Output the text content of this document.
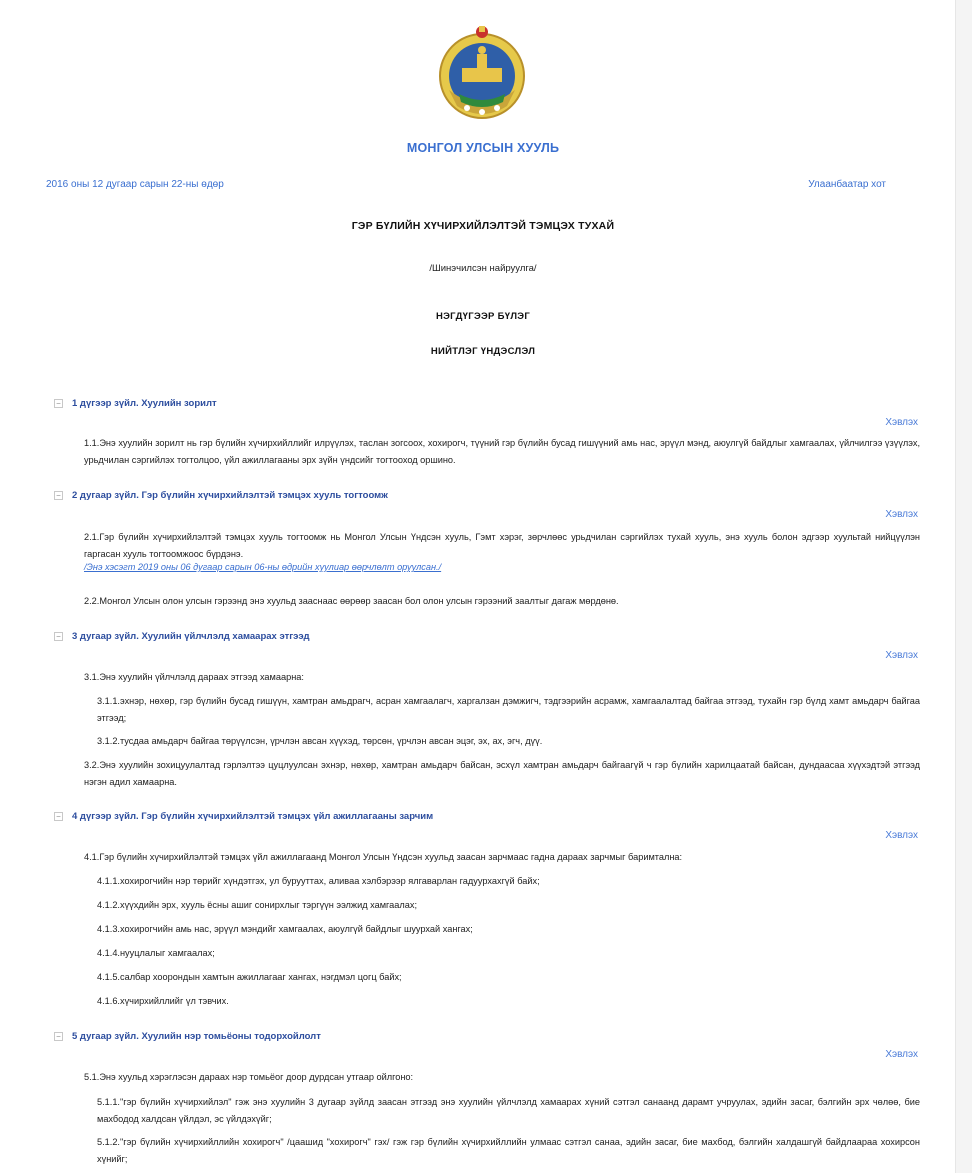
МОНГОЛ УЛСЫН ХУУЛЬ
2016 оны 12 дугаар сарын 22-ны өдөр	Улаанбаатар хот
ГЭР БҮЛИЙН ХҮЧИРХИЙЛЭЛТЭЙ ТЭМЦЭХ ТУХАЙ
/Шинэчилсэн найруулга/
НЭГДҮГЭЭР БҮЛЭГ
НИЙТЛЭГ ҮНДЭСЛЭЛ
− 1 дүгээр зүйл. Хуулийн зорилт
Хэвлэх
1.1.Энэ хуулийн зорилт нь гэр бүлийн хүчирхийллийг илрүүлэх, таслан зогсоох, хохирогч, түүний гэр бүлийн бусад гишүүний амь нас, эрүүл мэнд, аюулгүй байдлыг хамгаалах, үйлчилгээ үзүүлэх, урьдчилан сэргийлэх тогтолцоо, үйл ажиллагааны эрх зүйн үндсийг тогтооход оршино.
− 2 дугаар зүйл. Гэр бүлийн хүчирхийлэлтэй тэмцэх хууль тогтоомж
Хэвлэх
2.1.Гэр бүлийн хүчирхийлэлтэй тэмцэх хууль тогтоомж нь Монгол Улсын Үндсэн хууль, Гэмт хэрэг, зөрчлөөс урьдчилан сэргийлэх тухай хууль, энэ хууль болон эдгээр хуультай нийцүүлэн гаргасан хууль тогтоомжоос бүрдэнэ.
/Энэ хэсэгт 2019 оны 06 дугаар сарын 06-ны өдрийн хуулиар өөрчлөлт оруулсан./
2.2.Монгол Улсын олон улсын гэрээнд энэ хуульд зааснаас өөрөөр заасан бол олон улсын гэрээний заалтыг дагаж мөрдөнө.
− 3 дугаар зүйл. Хуулийн үйлчлэлд хамаарах этгээд
Хэвлэх
3.1.Энэ хуулийн үйлчлэлд дараах этгээд хамаарна:
3.1.1.эхнэр, нөхөр, гэр бүлийн бусад гишүүн, хамтран амьдрагч, асран хамгаалагч, харгалзан дэмжигч, тэдгээрийн асрамж, хамгаалалтад байгаа этгээд, тухайн гэр бүлд хамт амьдарч байгаа этгээд;
3.1.2.тусдаа амьдарч байгаа төрүүлсэн, үрчлэн авсан хүүхэд, төрсөн, үрчлэн авсан эцэг, эх, ах, эгч, дүү.
3.2.Энэ хуулийн зохицуулалтад гэрлэлтээ цуцлуулсан эхнэр, нөхөр, хамтран амьдарч байсан, эсхүл хамтран амьдарч байгаагүй ч гэр бүлийн харилцаатай байсан, дундаасаа хүүхэдтэй этгээд нэгэн адил хамаарна.
− 4 дүгээр зүйл. Гэр бүлийн хүчирхийлэлтэй тэмцэх үйл ажиллагааны зарчим
Хэвлэх
4.1.Гэр бүлийн хүчирхийлэлтэй тэмцэх үйл ажиллагаанд Монгол Улсын Үндсэн хуульд заасан зарчмаас гадна дараах зарчмыг баримтална:
4.1.1.хохирогчийн нэр төрийг хүндэтгэх, ул бурууттах, аливаа хэлбэрээр ялгаварлан гадуурхахгүй байх;
4.1.2.хүүхдийн эрх, хууль ёсны ашиг сонирхлыг тэргүүн ээлжид хамгаалах;
4.1.3.хохирогчийн амь нас, эрүүл мэндийг хамгаалах, аюулгүй байдлыг шуурхай хангах;
4.1.4.нууцлалыг хамгаалах;
4.1.5.салбар хоорондын хамтын ажиллагааг хангах, нэгдмэл цогц байх;
4.1.6.хүчирхийллийг үл тэвчих.
− 5 дугаар зүйл. Хуулийн нэр томьёоны тодорхойлолт
Хэвлэх
5.1.Энэ хуульд хэрэглэсэн дараах нэр томьёог доор дурдсан утгаар ойлгоно:
5.1.1."гэр бүлийн хүчирхийлэл" гэж энэ хуулийн 3 дугаар зүйлд заасан этгээд энэ хуулийн үйлчлэлд хамаарах хүний сэтгэл санаанд дарамт учруулах, эдийн засаг, бэлгийн эрх чөлөө, бие махбодод халдсан үйлдэл, эс үйлдэхүйг;
5.1.2."гэр бүлийн хүчирхийллийн хохирогч" /цаашид "хохирогч" гэх/ гэж гэр бүлийн хүчирхийллийн улмаас сэтгэл санаа, эдийн засаг, бие махбод, бэлгийн халдашгүй байдлаараа хохирсон хүнийг;
